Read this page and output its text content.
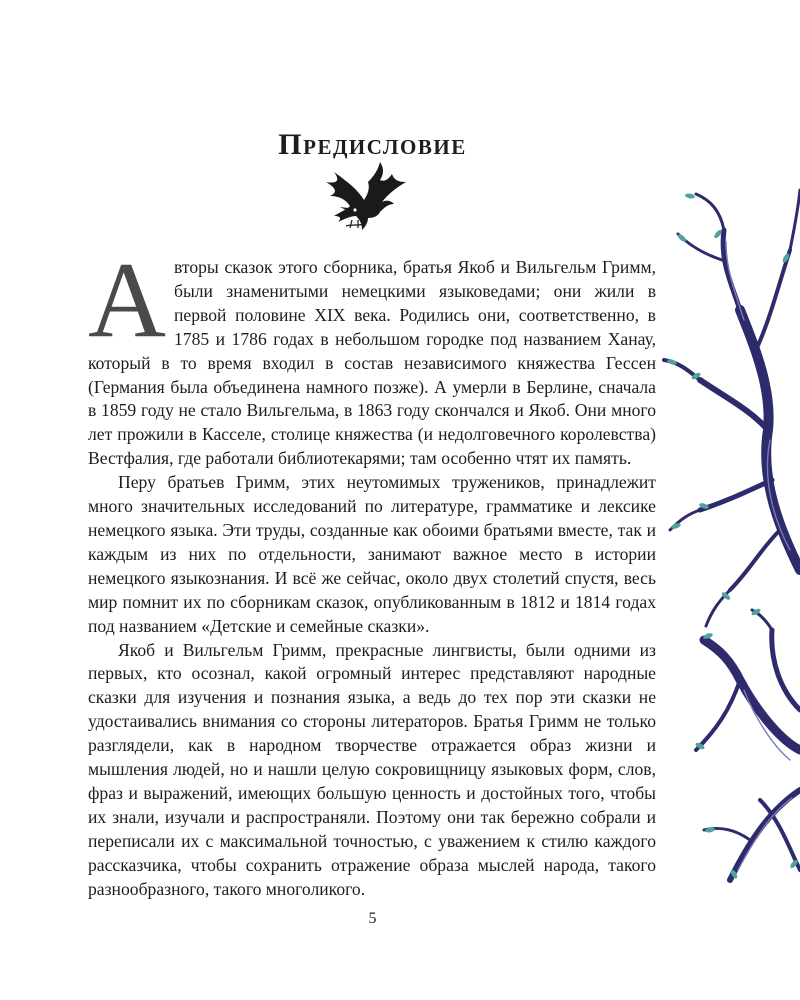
Предисловие

Авторы сказок этого сборника, братья Якоб и Вильгельм Гримм, были знаменитыми немецкими языковедами; они жили в первой половине XIX века. Родились они, соответственно, в 1785 и 1786 годах в небольшом городке под названием Ханау, который в то время входил в состав независимого княжества Гессен (Германия была объединена намного позже). А умерли в Берлине, сначала в 1859 году не стало Вильгельма, в 1863 году скончался и Якоб. Они много лет прожили в Касселе, столице княжества (и недолговечного королевства) Вестфалия, где работали библиотекарями; там особенно чтят их память.

Перу братьев Гримм, этих неутомимых тружеников, принадлежит много значительных исследований по литературе, грамматике и лексике немецкого языка. Эти труды, созданные как обоими братьями вместе, так и каждым из них по отдельности, занимают важное место в истории немецкого языкознания. И всё же сейчас, около двух столетий спустя, весь мир помнит их по сборникам сказок, опубликованным в 1812 и 1814 годах под названием «Детские и семейные сказки».

Якоб и Вильгельм Гримм, прекрасные лингвисты, были одними из первых, кто осознал, какой огромный интерес представляют народные сказки для изучения и познания языка, а ведь до тех пор эти сказки не удостаивались внимания со стороны литераторов. Братья Гримм не только разглядели, как в народном творчестве отражается образ жизни и мышления людей, но и нашли целую сокровищницу языковых форм, слов, фраз и выражений, имеющих большую ценность и достойных того, чтобы их знали, изучали и распространяли. Поэтому они так бережно собрали и переписали их с максимальной точностью, с уважением к стилю каждого рассказчика, чтобы сохранить отражение образа мыслей народа, такого разнообразного, такого многоликого.

5
